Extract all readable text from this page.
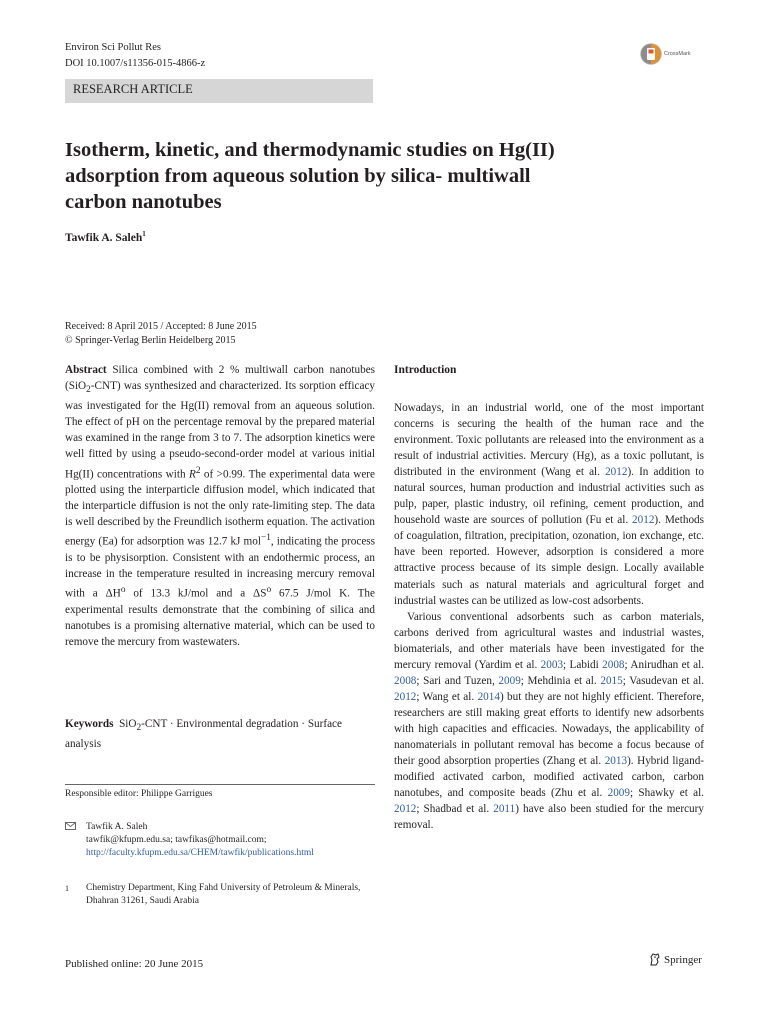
Environ Sci Pollut Res
DOI 10.1007/s11356-015-4866-z
CrossMark
RESEARCH ARTICLE
Isotherm, kinetic, and thermodynamic studies on Hg(II)
adsorption from aqueous solution by silica- multiwall
carbon nanotubes
Tawfik A. Saleh$^1$
Received: 8 April 2015 / Accepted: 8 June 2015
© Springer-Verlag Berlin Heidelberg 2015

Abstract Silica combined with 2 % multiwall carbon nanotubes (SiO$_2$-CNT) was synthesized and characterized. Its sorption efficacy was investigated for the Hg(II) removal from an aqueous solution. The effect of pH on the percentage removal by the prepared material was examined in the range from 3 to 7. The adsorption kinetics were well fitted by using a pseudo-second-order model at various initial Hg(II) concentrations with $R^2$ of >0.99. The experimental data were plotted using the interparticle diffusion model, which indicated that the interparticle diffusion is not the only rate-limiting step. The data is well described by the Freundlich isotherm equation. The activation energy (Ea) for adsorption was 12.7 kJ mol$^{-1}$, indicating the process is to be physisorption. Consistent with an endothermic process, an increase in the temperature resulted in increasing mercury removal with a $\Delta H^o$ of 13.3 kJ/mol and a $\Delta S^o$ 67.5 J/mol K. The experimental results demonstrate that the combining of silica and nanotubes is a promising alternative material, which can be used to remove the mercury from wastewaters.

Keywords SiO$_2$-CNT · Environmental degradation · Surface analysis
Responsible editor: Philippe Garrigues
Tawfik A. Saleh
tawfik@kfupm.edu.sa; tawfikas@hotmail.com; http://faculty.kfupm.edu.sa/CHEM/tawfik/publications.html
1	Chemistry Department, King Fahd University of Petroleum & Minerals, Dhahran 31261, Saudi Arabia
Published online: 20 June 2015	Springer
Introduction

Nowadays, in an industrial world, one of the most important concerns is securing the health of the human race and the environment. Toxic pollutants are released into the environment as a result of industrial activities. Mercury (Hg), as a toxic pollutant, is distributed in the environment (Wang et al. 2012). In addition to natural sources, human production and industrial activities such as pulp, paper, plastic industry, oil refining, cement production, and household waste are sources of pollution (Fu et al. 2012). Methods of coagulation, filtration, precipitation, ozonation, ion exchange, etc. have been reported. However, adsorption is considered a more attractive process because of its simple design. Locally available materials such as natural materials and agricultural forget and industrial wastes can be utilized as low-cost adsorbents.

Various conventional adsorbents such as carbon materials, carbons derived from agricultural wastes and industrial wastes, biomaterials, and other materials have been investigated for the mercury removal (Yardim et al. 2003; Labidi 2008; Anirudhan et al. 2008; Sari and Tuzen, 2009; Mehdinia et al. 2015; Vasudevan et al. 2012; Wang et al. 2014) but they are not highly efficient. Therefore, researchers are still making great efforts to identify new adsorbents with high capacities and efficacies. Nowadays, the applicability of nanomaterials in pollutant removal has become a focus because of their good absorption properties (Zhang et al. 2013). Hybrid ligand-modified activated carbon, modified activated carbon, carbon nanotubes, and composite beads (Zhu et al. 2009; Shawky et al. 2012; Shadbad et al. 2011) have also been studied for the mercury removal.
